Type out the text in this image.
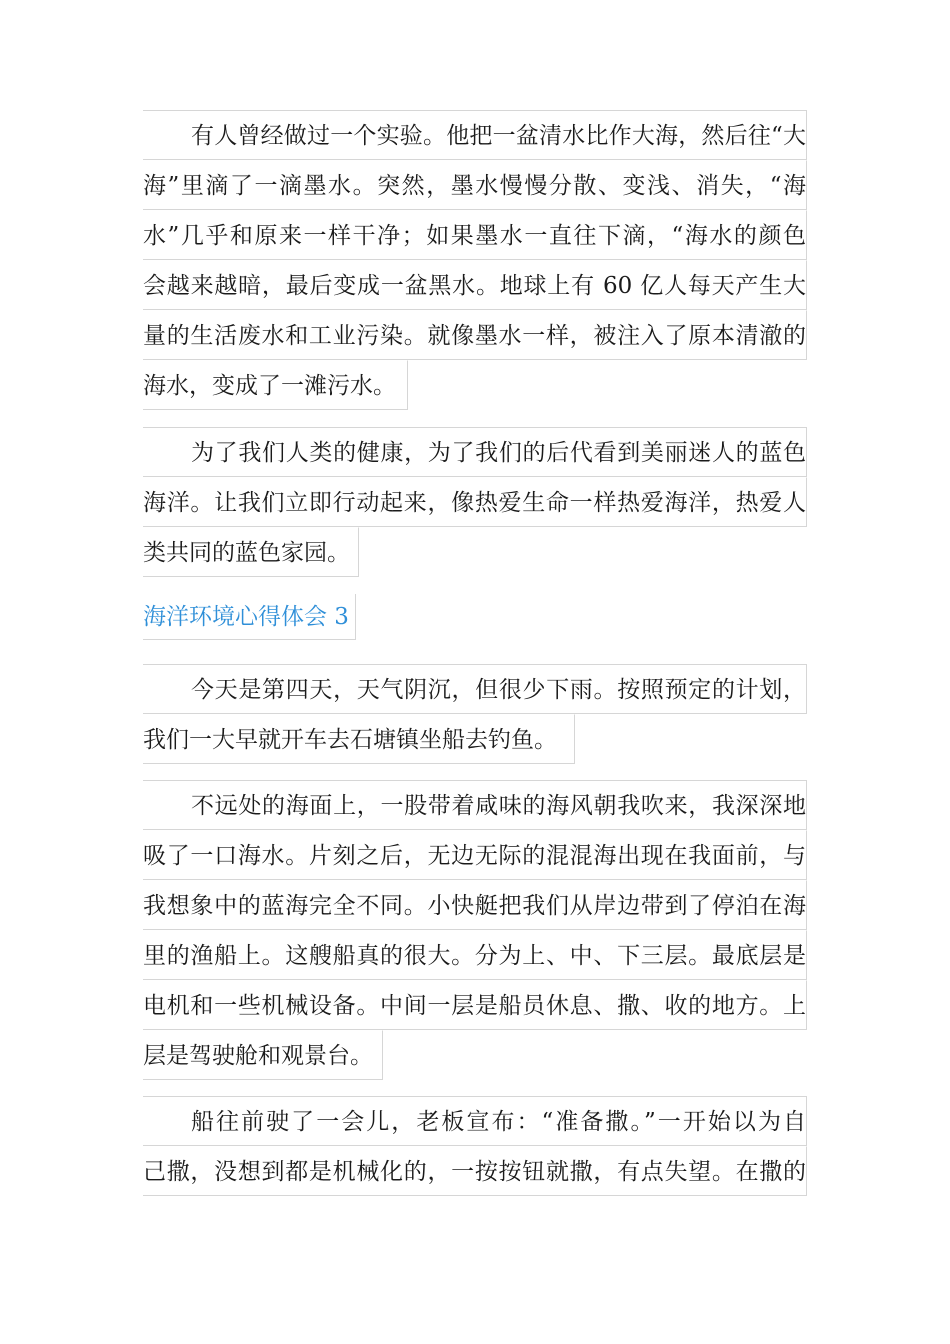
有人曾经做过一个实验。他把一盆清水比作大海，然后往“大
海”里滴了一滴墨水。突然，墨水慢慢分散、变浅、消失，“海
水”几乎和原来一样干净；如果墨水一直往下滴，“海水的颜色
会越来越暗，最后变成一盆黑水。地球上有 60 亿人每天产生大
量的生活废水和工业污染。就像墨水一样，被注入了原本清澈的
海水，变成了一滩污水。
为了我们人类的健康，为了我们的后代看到美丽迷人的蓝色
海洋。让我们立即行动起来，像热爱生命一样热爱海洋，热爱人
类共同的蓝色家园。
海洋环境心得体会 3
今天是第四天，天气阴沉，但很少下雨。按照预定的计划，
我们一大早就开车去石塘镇坐船去钓鱼。
不远处的海面上，一股带着咸味的海风朝我吹来，我深深地
吸了一口海水。片刻之后，无边无际的混混海出现在我面前，与
我想象中的蓝海完全不同。小快艇把我们从岸边带到了停泊在海
里的渔船上。这艘船真的很大。分为上、中、下三层。最底层是
电机和一些机械设备。中间一层是船员休息、撒、收的地方。上
层是驾驶舱和观景台。
船往前驶了一会儿，老板宣布：“准备撒。”一开始以为自
己撒，没想到都是机械化的，一按按钮就撒，有点失望。在撒的
